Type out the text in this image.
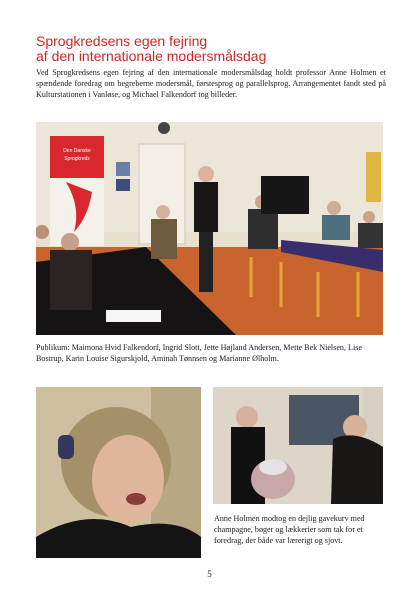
Sprogkredsens egen fejring
af den internationale modersmålsdag

Ved Sprogkredsens egen fejring af den internationale modersmålsdag holdt professor Anne Holmen et spændende foredrag om begreberne modersmål, førstesprog og parallelsprog. Arrangementet fandt sted på Kulturstationen i Vanløse, og Michael Falkendorf tog billeder.

Den Danske
Sprogkreds

Publikum: Maimona Hvid Falkendorf, Ingrid Slott, Jette Højland Andersen, Mette Bek Nielsen, Lise Bostrup, Karin Louise Sigurskjold, Aminah Tønnsen og Marianne Ølholm.

Anne Holmen modtog en dejlig gavekurv med champagne, bøger og lækkerier som tak for et foredrag, der både var lærerigt og sjovt.

5
